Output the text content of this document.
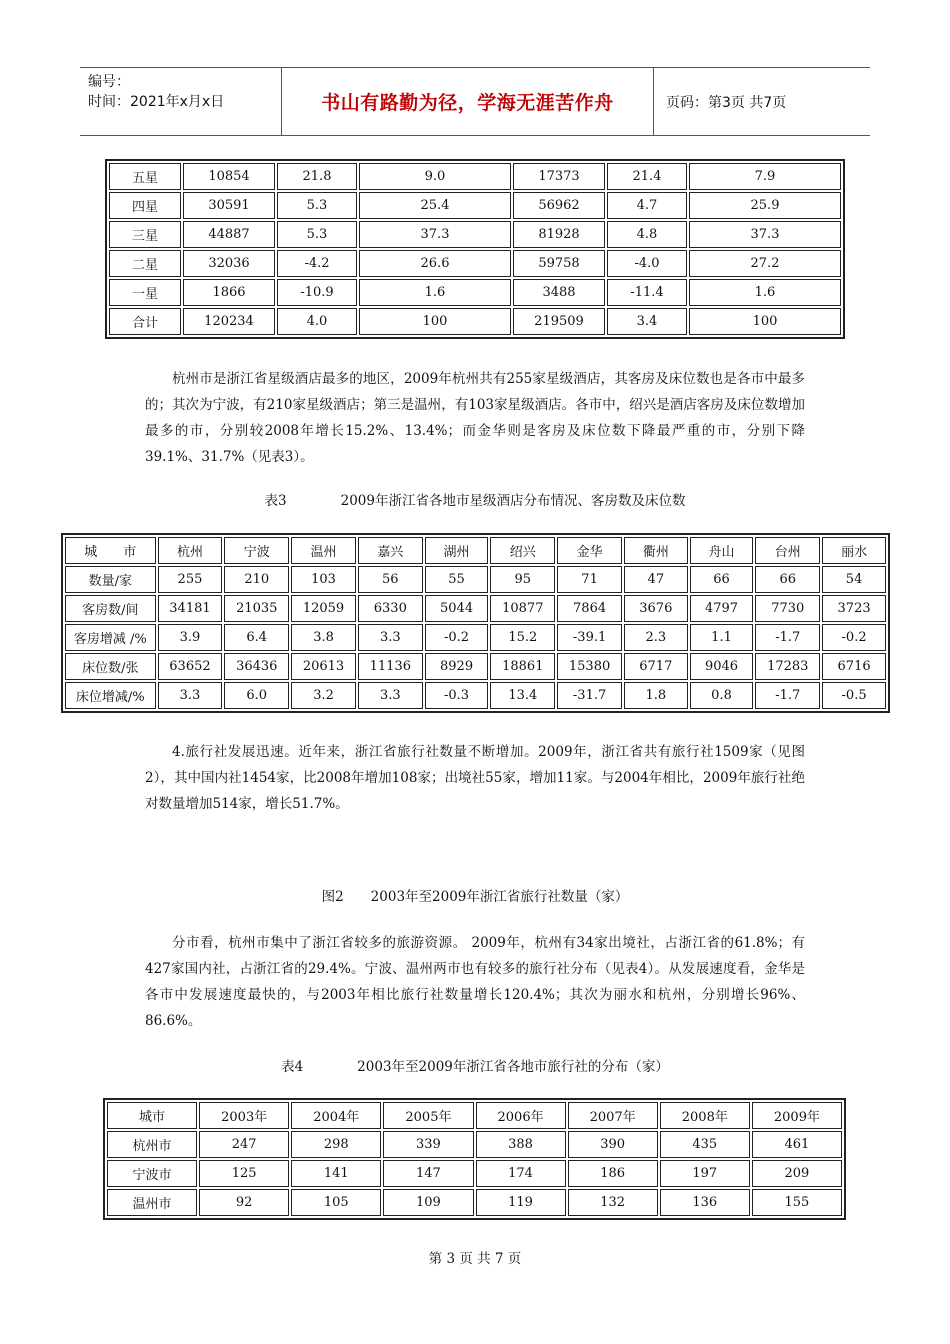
编号：
时间：2021年x月x日	书山有路勤为径，学海无涯苦作舟	页码：第3页 共7页
五星	10854	21.8	9.0	17373	21.4	7.9
四星	30591	5.3	25.4	56962	4.7	25.9
三星	44887	5.3	37.3	81928	4.8	37.3
二星	32036	-4.2	26.6	59758	-4.0	27.2
一星	1866	-10.9	1.6	3488	-11.4	1.6
合计	120234	4.0	100	219509	3.4	100
杭州市是浙江省星级酒店最多的地区，2009年杭州共有255家星级酒店，其客房及床位数也是各市中最多的；其次为宁波，有210家星级酒店；第三是温州，有103家星级酒店。各市中，绍兴是酒店客房及床位数增加最多的市，分别较2008年增长15.2%、13.4%；而金华则是客房及床位数下降最严重的市，分别下降39.1%、31.7%（见表3）。
表3　　　　2009年浙江省各地市星级酒店分布情况、客房数及床位数
城　　市	杭州	宁波	温州	嘉兴	湖州	绍兴	金华	衢州	舟山	台州	丽水
数量/家	255	210	103	56	55	95	71	47	66	66	54
客房数/间	34181	21035	12059	6330	5044	10877	7864	3676	4797	7730	3723
客房增减 /%	3.9	6.4	3.8	3.3	-0.2	15.2	-39.1	2.3	1.1	-1.7	-0.2
床位数/张	63652	36436	20613	11136	8929	18861	15380	6717	9046	17283	6716
床位增减/%	3.3	6.0	3.2	3.3	-0.3	13.4	-31.7	1.8	0.8	-1.7	-0.5
4.旅行社发展迅速。近年来，浙江省旅行社数量不断增加。2009年，浙江省共有旅行社1509家（见图2），其中国内社1454家，比2008年增加108家；出境社55家，增加11家。与2004年相比，2009年旅行社绝对数量增加514家，增长51.7%。
图2　　2003年至2009年浙江省旅行社数量（家）
分市看，杭州市集中了浙江省较多的旅游资源。 2009年，杭州有34家出境社，占浙江省的61.8%；有427家国内社，占浙江省的29.4%。宁波、温州两市也有较多的旅行社分布（见表4）。从发展速度看，金华是各市中发展速度最快的，与2003年相比旅行社数量增长120.4%；其次为丽水和杭州，分别增长96%、86.6%。
表4　　　　2003年至2009年浙江省各地市旅行社的分布（家）
城市	2003年	2004年	2005年	2006年	2007年	2008年	2009年
杭州市	247	298	339	388	390	435	461
宁波市	125	141	147	174	186	197	209
温州市	92	105	109	119	132	136	155
第 3 页 共 7 页
